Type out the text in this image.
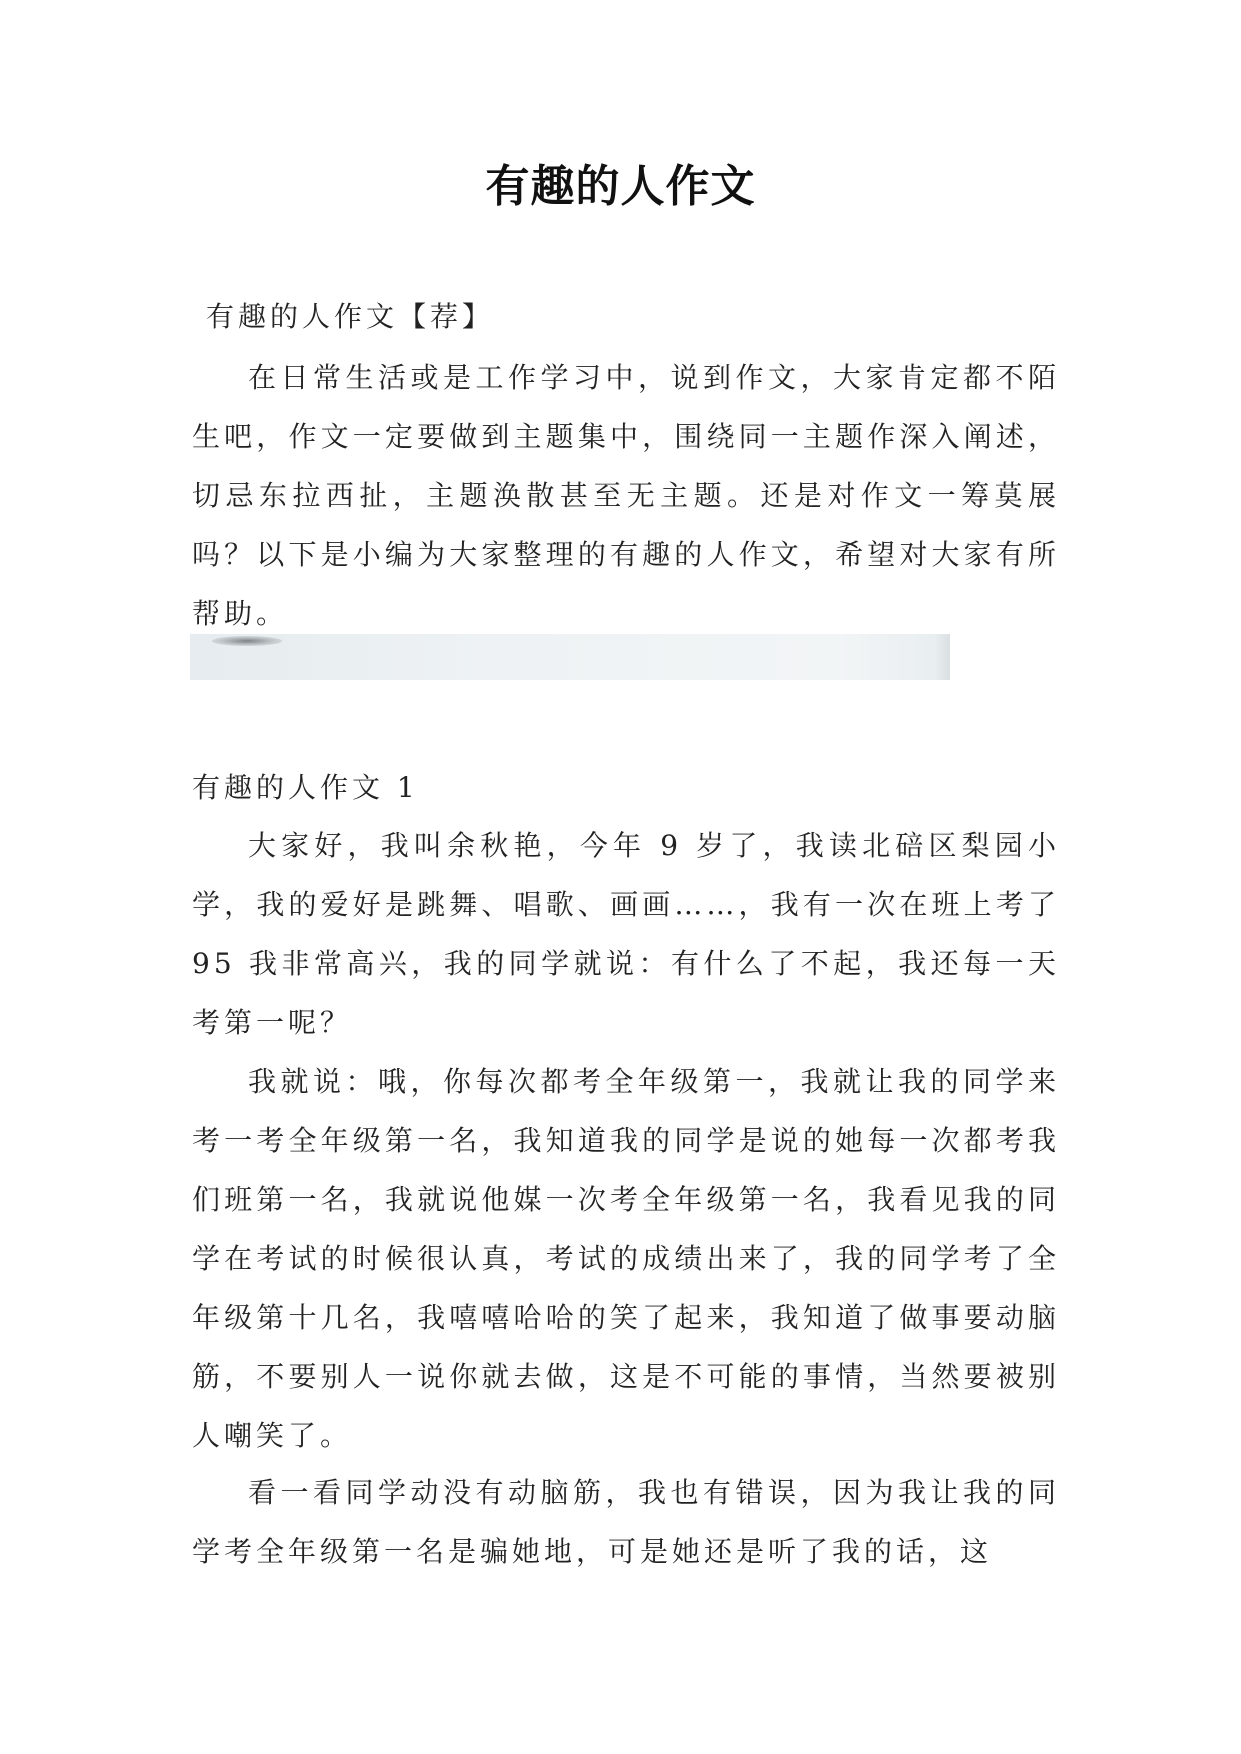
有趣的人作文
有趣的人作文【荐】

在日常生活或是工作学习中，说到作文，大家肯定都不陌生吧，作文一定要做到主题集中，围绕同一主题作深入阐述，切忌东拉西扯，主题涣散甚至无主题。还是对作文一筹莫展吗？以下是小编为大家整理的有趣的人作文，希望对大家有所帮助。

有趣的人作文 1

大家好，我叫余秋艳，今年 9 岁了，我读北碚区梨园小学，我的爱好是跳舞、唱歌、画画……，我有一次在班上考了 95 我非常高兴，我的同学就说：有什么了不起，我还每一天考第一呢？

我就说：哦，你每次都考全年级第一，我就让我的同学来考一考全年级第一名，我知道我的同学是说的她每一次都考我们班第一名，我就说他媒一次考全年级第一名，我看见我的同学在考试的时候很认真，考试的成绩出来了，我的同学考了全年级第十几名，我嘻嘻哈哈的笑了起来，我知道了做事要动脑筋，不要别人一说你就去做，这是不可能的事情，当然要被别人嘲笑了。

看一看同学动没有动脑筋，我也有错误，因为我让我的同学考全年级第一名是骗她地，可是她还是听了我的话，这
